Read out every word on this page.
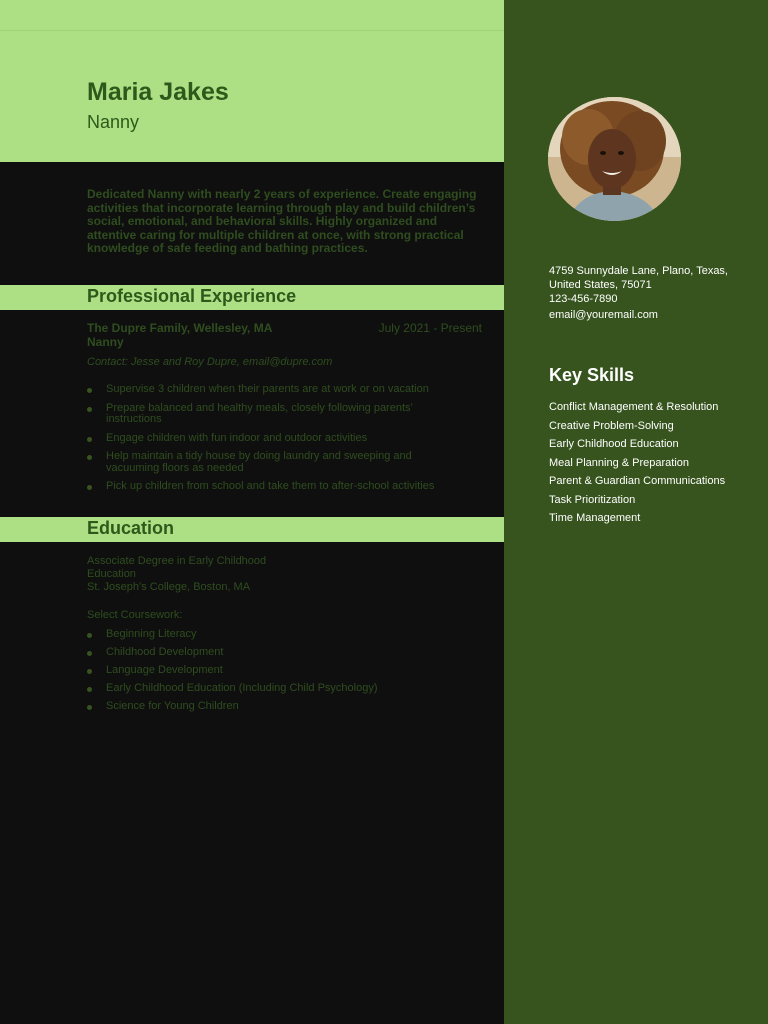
Maria Jakes
Nanny

Dedicated Nanny with nearly 2 years of experience. Create engaging activities that incorporate learning through play and build children’s social, emotional, and behavioral skills. Highly organized and attentive caring for multiple children at once, with strong practical knowledge of safe feeding and bathing practices.

Professional Experience
The Dupre Family, Wellesley, MA
Nanny
July 2021 - Present
Contact: Jesse and Roy Dupre, email@dupre.com
Supervise 3 children when their parents are at work or on vacation
Prepare balanced and healthy meals, closely following parents’ instructions
Engage children with fun indoor and outdoor activities
Help maintain a tidy house by doing laundry and sweeping and vacuuming floors as needed
Pick up children from school and take them to after-school activities
Education
Associate Degree in Early Childhood Education
St. Joseph’s College, Boston, MA
Select Coursework:
Beginning Literacy
Childhood Development
Language Development
Early Childhood Education (Including Child Psychology)
Science for Young Children
4759 Sunnydale Lane, Plano, Texas, United States, 75071
123-456-7890
email@youremail.com
Key Skills
Conflict Management & Resolution
Creative Problem-Solving
Early Childhood Education
Meal Planning & Preparation
Parent & Guardian Communications
Task Prioritization
Time Management
